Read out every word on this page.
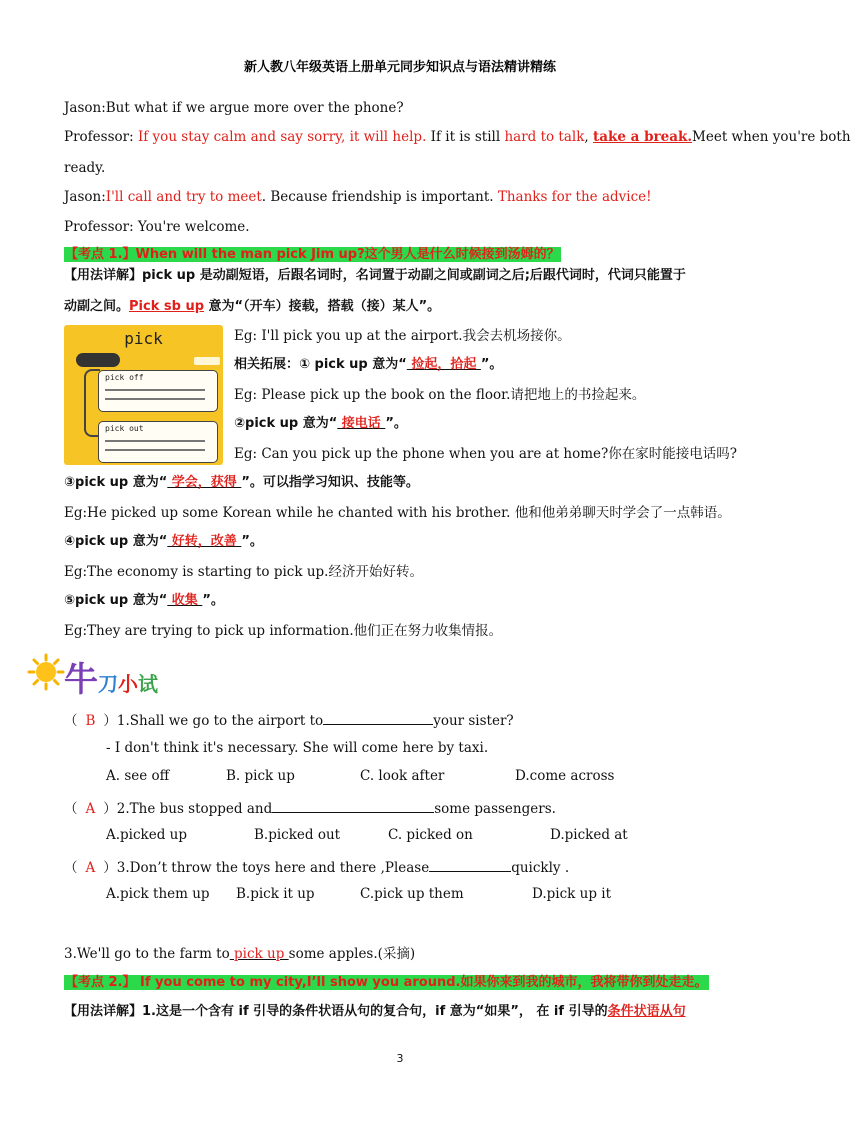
新人教八年级英语上册单元同步知识点与语法精讲精练
Jason:But what if we argue more over the phone?
Professor: If you stay calm and say sorry, it will help. If it is still hard to talk, take a break.Meet when you're both
ready.
Jason:I'll call and try to meet. Because friendship is important. Thanks for the advice!
Professor: You're welcome.
【考点 1.】When will the man pick Jim up?这个男人是什么时候接到汤姆的？
【用法详解】pick up 是动副短语，后跟名词时，名词置于动副之间或副词之后;后跟代词时，代词只能置于
动副之间。Pick sb up 意为“（开车）接载，搭载（接）某人”。
pick
pick off
pick out
Eg: I'll pick you up at the airport.我会去机场接你。
相关拓展：① pick up 意为“ 捡起，拾起 ”。
Eg: Please pick up the book on the floor.请把地上的书捡起来。
②pick up 意为“ 接电话 ”。
Eg: Can you pick up the phone when you are at home?你在家时能接电话吗?
③pick up 意为“ 学会，获得 ”。可以指学习知识、技能等。
Eg:He picked up some Korean while he chanted with his brother. 他和他弟弟聊天时学会了一点韩语。
④pick up 意为“ 好转，改善 ”。
Eg:The economy is starting to pick up.经济开始好转。
⑤pick up 意为“ 收集 ”。
Eg:They are trying to pick up information.他们正在努力收集情报。
牛刀小试
（ B ）1.Shall we go to the airport to	your sister?
- I don't think it's necessary. She will come here by taxi.
A. see off	B. pick up	C. look after	D.come across
（ A ）2.The bus stopped and	some passengers.
A.picked up	B.picked out	C. picked on	D.picked at
（ A ）3.Don’t throw the toys here and there ,Please	quickly .
A.pick them up B.pick it up	C.pick up them	D.pick up it
3.We'll go to the farm to pick up some apples.(采摘)
【考点 2.】 If you come to my city,I’ll show you around.如果你来到我的城市，我将带你到处走走。
【用法详解】1.这是一个含有 if 引导的条件状语从句的复合句，if 意为“如果”， 在 if 引导的条件状语从句
3
